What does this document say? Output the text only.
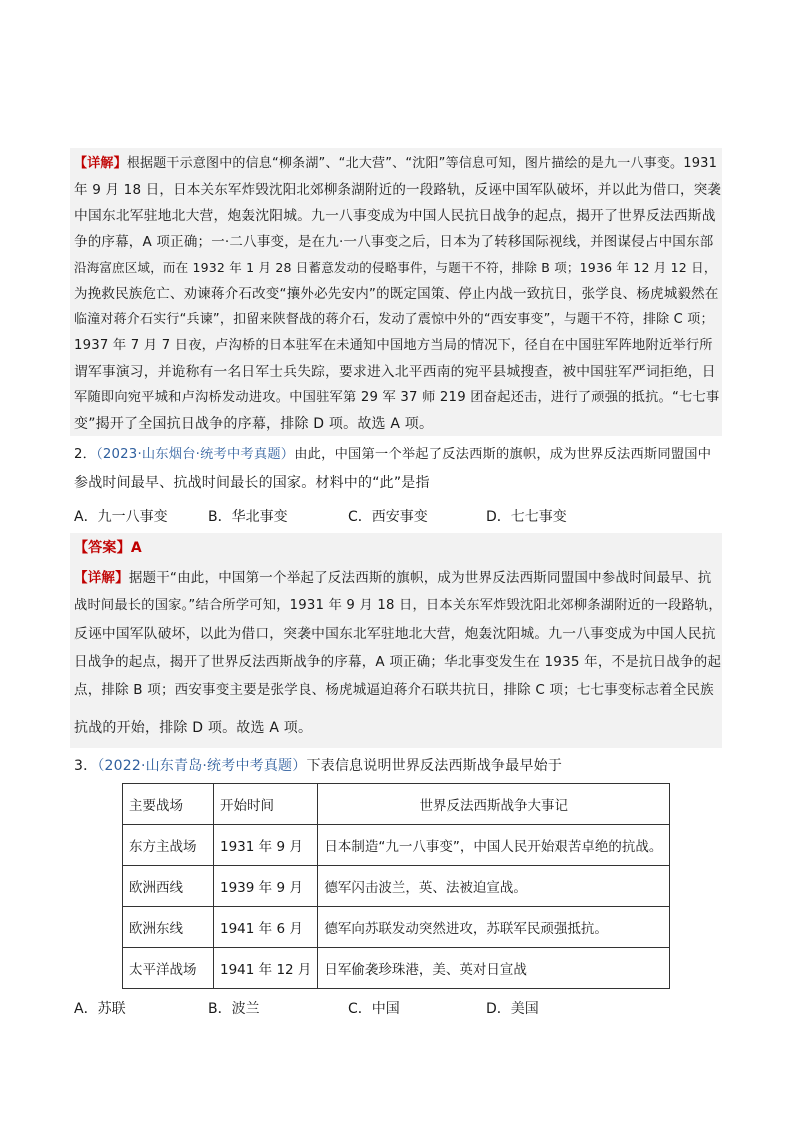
【详解】根据题干示意图中的信息“柳条湖”、“北大营”、“沈阳”等信息可知，图片描绘的是九一八事变。1931
年 9 月 18 日，日本关东军炸毁沈阳北郊柳条湖附近的一段路轨，反诬中国军队破坏，并以此为借口，突袭
中国东北军驻地北大营，炮轰沈阳城。九一八事变成为中国人民抗日战争的起点，揭开了世界反法西斯战
争的序幕，A 项正确；一·二八事变，是在九·一八事变之后，日本为了转移国际视线，并图谋侵占中国东部
沿海富庶区域，而在 1932 年 1 月 28 日蓄意发动的侵略事件，与题干不符，排除 B 项；1936 年 12 月 12 日，
为挽救民族危亡、劝谏蒋介石改变“攘外必先安内”的既定国策、停止内战一致抗日，张学良、杨虎城毅然在
临潼对蒋介石实行“兵谏”，扣留来陕督战的蒋介石，发动了震惊中外的“西安事变”，与题干不符，排除 C 项；
1937 年 7 月 7 日夜，卢沟桥的日本驻军在未通知中国地方当局的情况下，径自在中国驻军阵地附近举行所
谓军事演习，并诡称有一名日军士兵失踪，要求进入北平西南的宛平县城搜查，被中国驻军严词拒绝，日
军随即向宛平城和卢沟桥发动进攻。中国驻军第 29 军 37 师 219 团奋起还击，进行了顽强的抵抗。“七七事
变”揭开了全国抗日战争的序幕，排除 D 项。故选 A 项。
2．（2023·山东烟台·统考中考真题）由此，中国第一个举起了反法西斯的旗帜，成为世界反法西斯同盟国中
参战时间最早、抗战时间最长的国家。材料中的“此”是指
A．九一八事变	B．华北事变	C．西安事变	D．七七事变
【答案】A
【详解】据题干“由此，中国第一个举起了反法西斯的旗帜，成为世界反法西斯同盟国中参战时间最早、抗
战时间最长的国家。”结合所学可知，1931 年 9 月 18 日，日本关东军炸毁沈阳北郊柳条湖附近的一段路轨，
反诬中国军队破坏，以此为借口，突袭中国东北军驻地北大营，炮轰沈阳城。九一八事变成为中国人民抗
日战争的起点，揭开了世界反法西斯战争的序幕，A 项正确；华北事变发生在 1935 年，不是抗日战争的起
点，排除 B 项；西安事变主要是张学良、杨虎城逼迫蒋介石联共抗日，排除 C 项；七七事变标志着全民族
抗战的开始，排除 D 项。故选 A 项。
3．（2022·山东青岛·统考中考真题）下表信息说明世界反法西斯战争最早始于
主要战场	开始时间	世界反法西斯战争大事记
东方主战场	1931 年 9 月	日本制造“九一八事变”，中国人民开始艰苦卓绝的抗战。
欧洲西线	1939 年 9 月	德军闪击波兰，英、法被迫宣战。
欧洲东线	1941 年 6 月	德军向苏联发动突然进攻，苏联军民顽强抵抗。
太平洋战场	1941 年 12 月	日军偷袭珍珠港，美、英对日宣战
A．苏联	B．波兰	C．中国	D．美国
